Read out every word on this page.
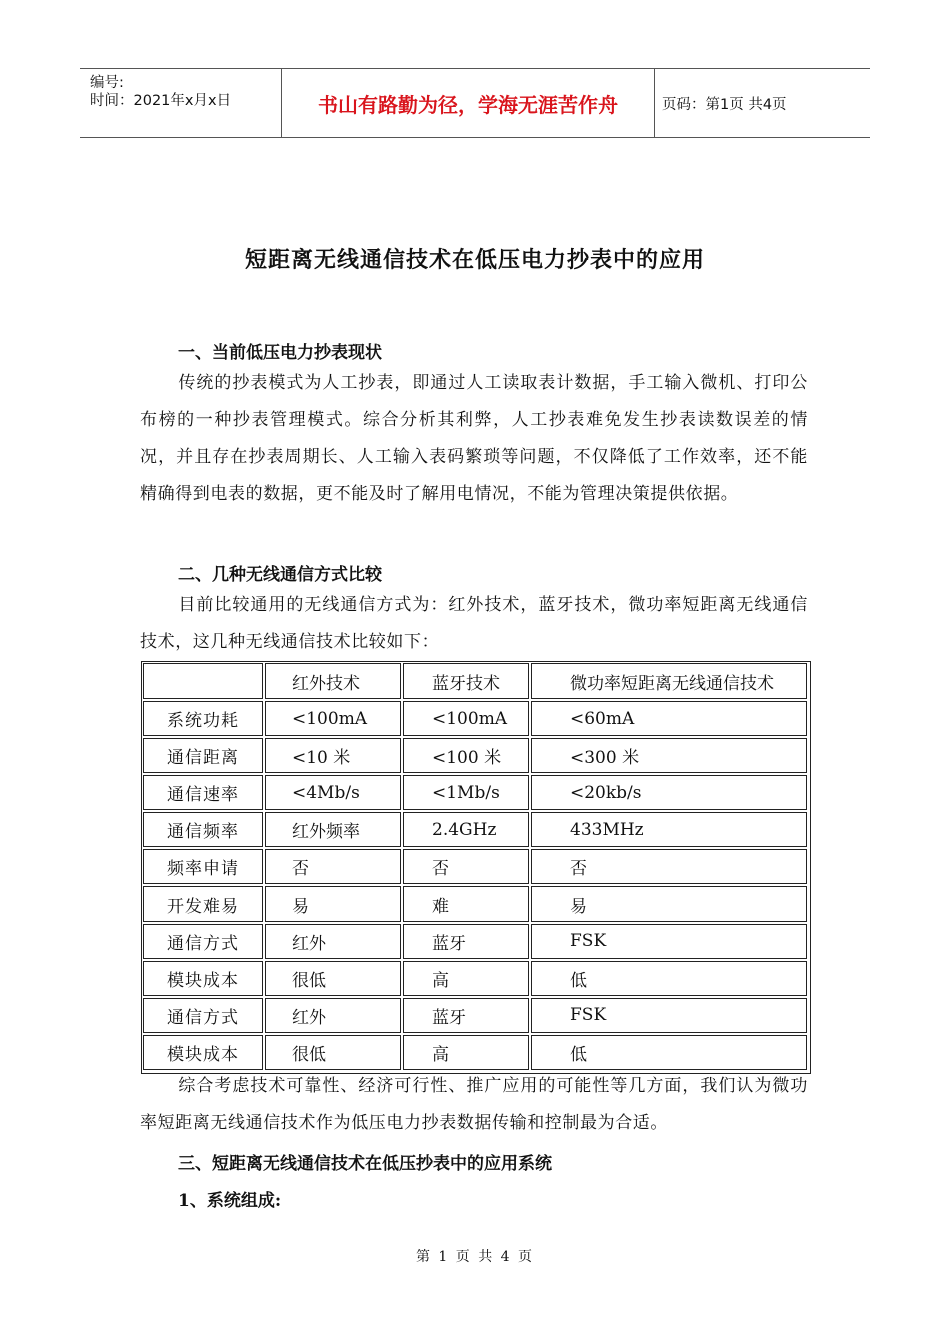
编号:
时间：2021年x月x日	书山有路勤为径，学海无涯苦作舟	页码：第1页 共4页
短距离无线通信技术在低压电力抄表中的应用
一、当前低压电力抄表现状
传统的抄表模式为人工抄表，即通过人工读取表计数据，手工输入微机、打印公布榜的一种抄表管理模式。综合分析其利弊，人工抄表难免发生抄表读数误差的情况，并且存在抄表周期长、人工输入表码繁琐等问题，不仅降低了工作效率，还不能精确得到电表的数据，更不能及时了解用电情况，不能为管理决策提供依据。
二、几种无线通信方式比较
目前比较通用的无线通信方式为：红外技术，蓝牙技术，微功率短距离无线通信技术，这几种无线通信技术比较如下：
	红外技术	蓝牙技术	微功率短距离无线通信技术
系统功耗	<100mA	<100mA	<60mA
通信距离	<10 米	<100 米	<300 米
通信速率	<4Mb/s	<1Mb/s	<20kb/s
通信频率	红外频率	2.4GHz	433MHz
频率申请	否	否	否
开发难易	易	难	易
通信方式	红外	蓝牙	FSK
模块成本	很低	高	低
通信方式	红外	蓝牙	FSK
模块成本	很低	高	低
综合考虑技术可靠性、经济可行性、推广应用的可能性等几方面，我们认为微功率短距离无线通信技术作为低压电力抄表数据传输和控制最为合适。
三、短距离无线通信技术在低压抄表中的应用系统
1、系统组成:
第 1 页 共 4 页
